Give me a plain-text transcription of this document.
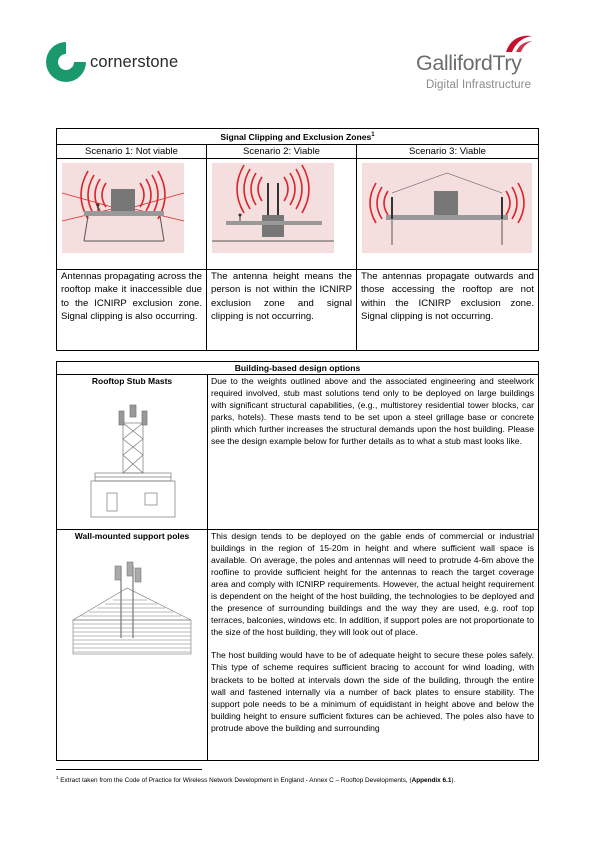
cornerstone	GallifordTry
Digital Infrastructure
Signal Clipping and Exclusion Zones$^1$
Scenario 1: Not viable	Scenario 2: Viable	Scenario 3: Viable

Antennas propagating across the rooftop make it inaccessible due to the ICNIRP exclusion zone. Signal clipping is also occurring.	The antenna height means the person is not within the ICNIRP exclusion zone and signal clipping is not occurring.	The antennas propagate outwards and those accessing the rooftop are not within the ICNIRP exclusion zone. Signal clipping is not occurring.
Building-based design options	

Rooftop Stub Masts	Due to the weights outlined above and the associated engineering and steelwork required involved, stub mast solutions tend only to be deployed on large buildings with significant structural capabilities, (e.g., multistorey residential tower blocks, car parks, hotels). These masts tend to be set upon a steel grillage base or concrete plinth which further increases the structural demands upon the host building. Please see the design example below for further details as to what a stub mast looks like.

Wall-mounted support poles	This design tends to be deployed on the gable ends of commercial or industrial buildings in the region of 15-20m in height and where sufficient wall space is available. On average, the poles and antennas will need to protrude 4-6m above the roofline to provide sufficient height for the antennas to reach the target coverage area and comply with ICNIRP requirements. However, the actual height requirement is dependent on the height of the host building, the technologies to be deployed and the presence of surrounding buildings and the way they are used, e.g. roof top terraces, balconies, windows etc. In addition, if support poles are not proportionate to the size of the host building, they will look out of place.

The host building would have to be of adequate height to secure these poles safely. This type of scheme requires sufficient bracing to account for wind loading, with brackets to be bolted at intervals down the side of the building, through the entire wall and fastened internally via a number of back plates to ensure stability. The support pole needs to be a minimum of equidistant in height above and below the building height to ensure sufficient fixtures can be achieved. The poles also have to protrude above the building and surrounding

$^1$ Extract taken from the Code of Practice for Wireless Network Development in England - Annex C – Rooftop Developments, (Appendix 6.1).
